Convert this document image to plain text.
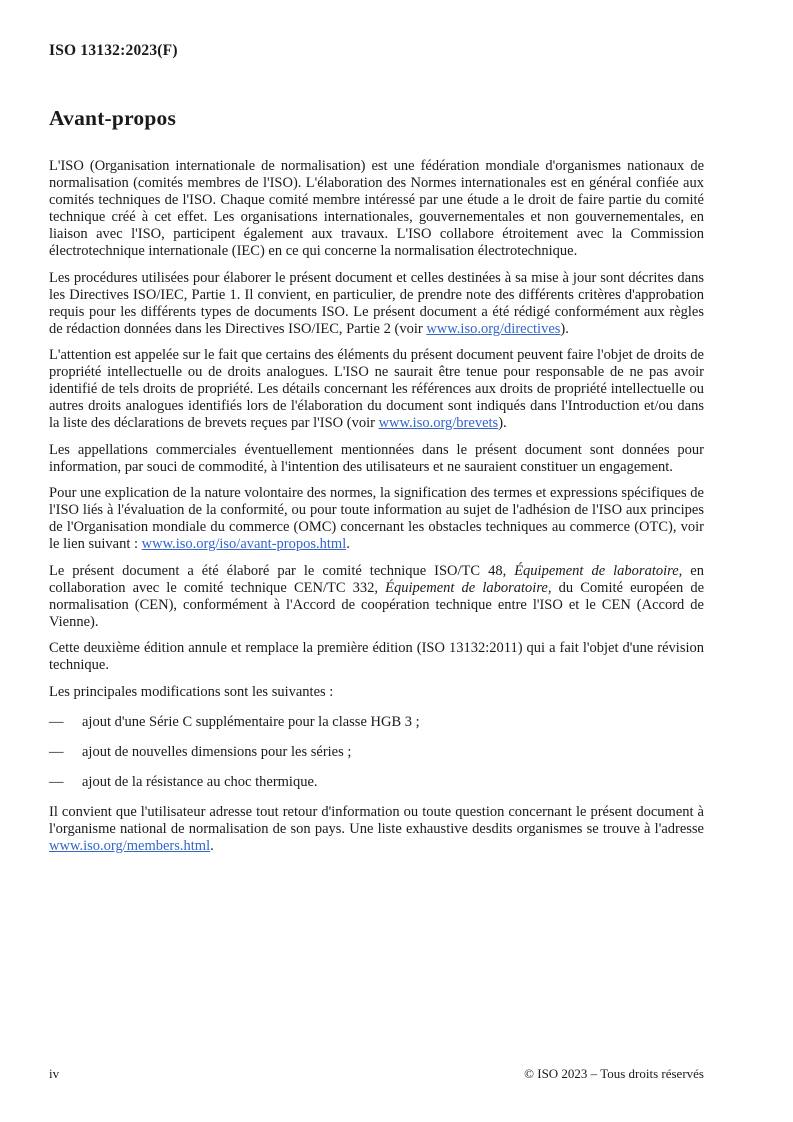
ISO 13132:2023(F)
Avant-propos

L'ISO (Organisation internationale de normalisation) est une fédération mondiale d'organismes nationaux de normalisation (comités membres de l'ISO). L'élaboration des Normes internationales est en général confiée aux comités techniques de l'ISO. Chaque comité membre intéressé par une étude a le droit de faire partie du comité technique créé à cet effet. Les organisations internationales, gouvernementales et non gouvernementales, en liaison avec l'ISO, participent également aux travaux. L'ISO collabore étroitement avec la Commission électrotechnique internationale (IEC) en ce qui concerne la normalisation électrotechnique.

Les procédures utilisées pour élaborer le présent document et celles destinées à sa mise à jour sont décrites dans les Directives ISO/IEC, Partie 1. Il convient, en particulier, de prendre note des différents critères d'approbation requis pour les différents types de documents ISO. Le présent document a été rédigé conformément aux règles de rédaction données dans les Directives ISO/IEC, Partie 2 (voir www.iso.org/directives).

L'attention est appelée sur le fait que certains des éléments du présent document peuvent faire l'objet de droits de propriété intellectuelle ou de droits analogues. L'ISO ne saurait être tenue pour responsable de ne pas avoir identifié de tels droits de propriété. Les détails concernant les références aux droits de propriété intellectuelle ou autres droits analogues identifiés lors de l'élaboration du document sont indiqués dans l'Introduction et/ou dans la liste des déclarations de brevets reçues par l'ISO (voir www.iso.org/brevets).

Les appellations commerciales éventuellement mentionnées dans le présent document sont données pour information, par souci de commodité, à l'intention des utilisateurs et ne sauraient constituer un engagement.

Pour une explication de la nature volontaire des normes, la signification des termes et expressions spécifiques de l'ISO liés à l'évaluation de la conformité, ou pour toute information au sujet de l'adhésion de l'ISO aux principes de l'Organisation mondiale du commerce (OMC) concernant les obstacles techniques au commerce (OTC), voir le lien suivant : www.iso.org/iso/avant-propos.html.

Le présent document a été élaboré par le comité technique ISO/TC 48, Équipement de laboratoire, en collaboration avec le comité technique CEN/TC 332, Équipement de laboratoire, du Comité européen de normalisation (CEN), conformément à l'Accord de coopération technique entre l'ISO et le CEN (Accord de Vienne).

Cette deuxième édition annule et remplace la première édition (ISO 13132:2011) qui a fait l'objet d'une révision technique.

Les principales modifications sont les suivantes :

—	ajout d'une Série C supplémentaire pour la classe HGB 3 ;
—	ajout de nouvelles dimensions pour les séries ;
—	ajout de la résistance au choc thermique.

Il convient que l'utilisateur adresse tout retour d'information ou toute question concernant le présent document à l'organisme national de normalisation de son pays. Une liste exhaustive desdits organismes se trouve à l'adresse www.iso.org/members.html.

iv	© ISO 2023 – Tous droits réservés
